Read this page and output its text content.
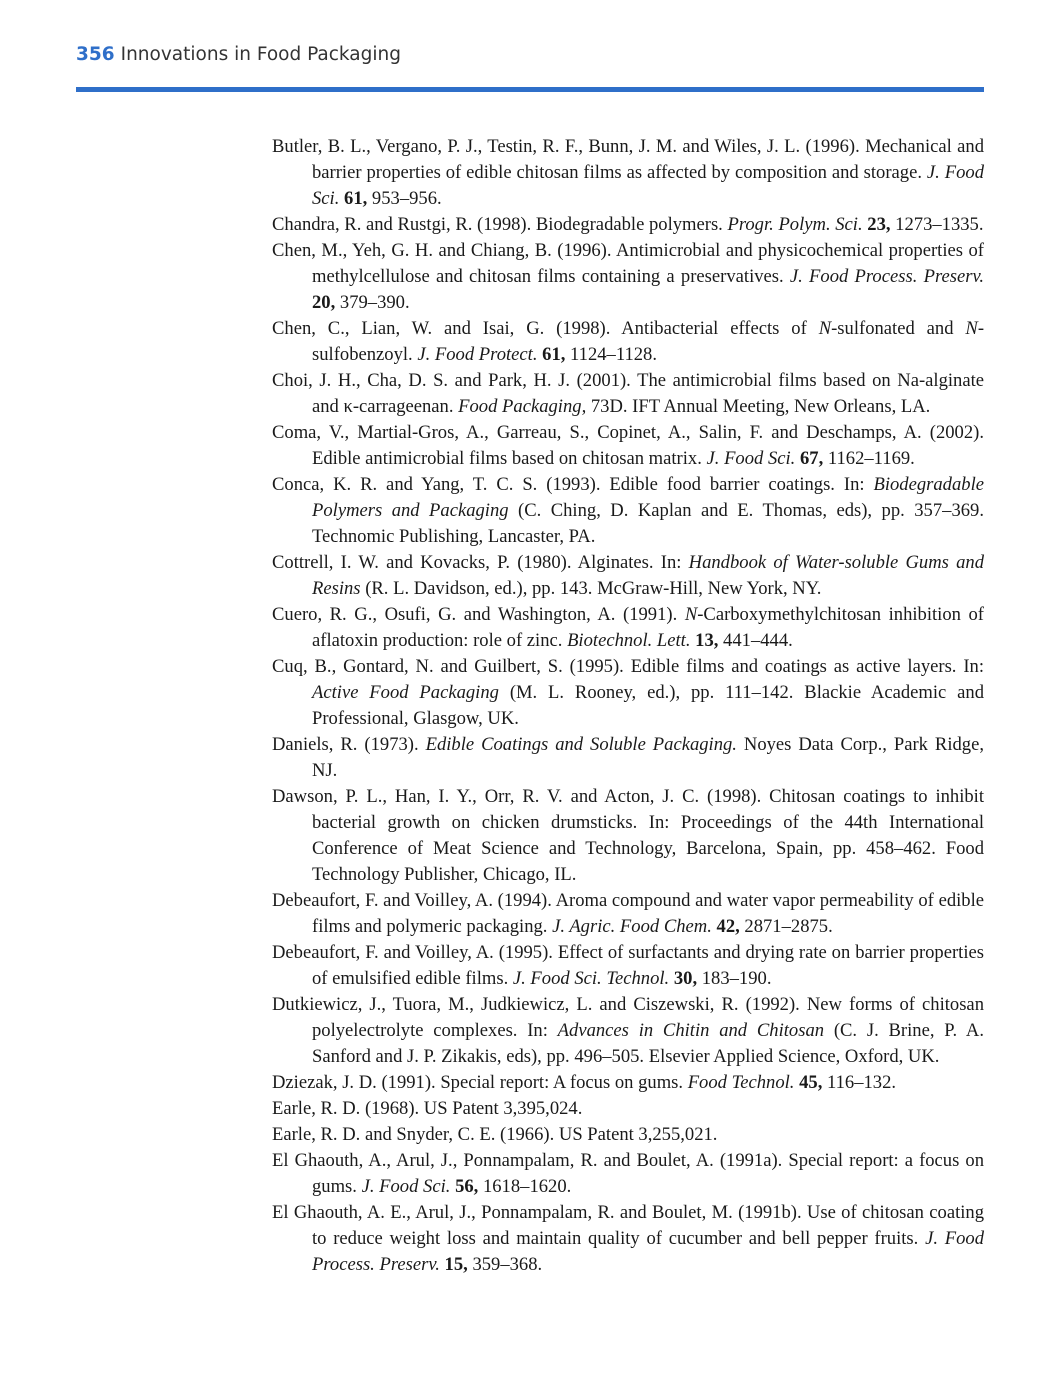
356 Innovations in Food Packaging

Butler, B. L., Vergano, P. J., Testin, R. F., Bunn, J. M. and Wiles, J. L. (1996). Mechanical and barrier properties of edible chitosan films as affected by composition and storage. J. Food Sci. 61, 953–956.

Chandra, R. and Rustgi, R. (1998). Biodegradable polymers. Progr. Polym. Sci. 23, 1273–1335.

Chen, M., Yeh, G. H. and Chiang, B. (1996). Antimicrobial and physicochemical properties of methylcellulose and chitosan films containing a preservatives. J. Food Process. Preserv. 20, 379–390.

Chen, C., Lian, W. and Isai, G. (1998). Antibacterial effects of N-sulfonated and N-sulfobenzoyl. J. Food Protect. 61, 1124–1128.

Choi, J. H., Cha, D. S. and Park, H. J. (2001). The antimicrobial films based on Na-alginate and κ-carrageenan. Food Packaging, 73D. IFT Annual Meeting, New Orleans, LA.

Coma, V., Martial-Gros, A., Garreau, S., Copinet, A., Salin, F. and Deschamps, A. (2002). Edible antimicrobial films based on chitosan matrix. J. Food Sci. 67, 1162–1169.

Conca, K. R. and Yang, T. C. S. (1993). Edible food barrier coatings. In: Biodegradable Polymers and Packaging (C. Ching, D. Kaplan and E. Thomas, eds), pp. 357–369. Technomic Publishing, Lancaster, PA.

Cottrell, I. W. and Kovacks, P. (1980). Alginates. In: Handbook of Water-soluble Gums and Resins (R. L. Davidson, ed.), pp. 143. McGraw-Hill, New York, NY.

Cuero, R. G., Osufi, G. and Washington, A. (1991). N-Carboxymethylchitosan inhibition of aflatoxin production: role of zinc. Biotechnol. Lett. 13, 441–444.

Cuq, B., Gontard, N. and Guilbert, S. (1995). Edible films and coatings as active layers. In: Active Food Packaging (M. L. Rooney, ed.), pp. 111–142. Blackie Academic and Professional, Glasgow, UK.

Daniels, R. (1973). Edible Coatings and Soluble Packaging. Noyes Data Corp., Park Ridge, NJ.

Dawson, P. L., Han, I. Y., Orr, R. V. and Acton, J. C. (1998). Chitosan coatings to inhibit bacterial growth on chicken drumsticks. In: Proceedings of the 44th International Conference of Meat Science and Technology, Barcelona, Spain, pp. 458–462. Food Technology Publisher, Chicago, IL.

Debeaufort, F. and Voilley, A. (1994). Aroma compound and water vapor permeability of edible films and polymeric packaging. J. Agric. Food Chem. 42, 2871–2875.

Debeaufort, F. and Voilley, A. (1995). Effect of surfactants and drying rate on barrier properties of emulsified edible films. J. Food Sci. Technol. 30, 183–190.

Dutkiewicz, J., Tuora, M., Judkiewicz, L. and Ciszewski, R. (1992). New forms of chitosan polyelectrolyte complexes. In: Advances in Chitin and Chitosan (C. J. Brine, P. A. Sanford and J. P. Zikakis, eds), pp. 496–505. Elsevier Applied Science, Oxford, UK.

Dziezak, J. D. (1991). Special report: A focus on gums. Food Technol. 45, 116–132.

Earle, R. D. (1968). US Patent 3,395,024.

Earle, R. D. and Snyder, C. E. (1966). US Patent 3,255,021.

El Ghaouth, A., Arul, J., Ponnampalam, R. and Boulet, A. (1991a). Special report: a focus on gums. J. Food Sci. 56, 1618–1620.

El Ghaouth, A. E., Arul, J., Ponnampalam, R. and Boulet, M. (1991b). Use of chitosan coating to reduce weight loss and maintain quality of cucumber and bell pepper fruits. J. Food Process. Preserv. 15, 359–368.
